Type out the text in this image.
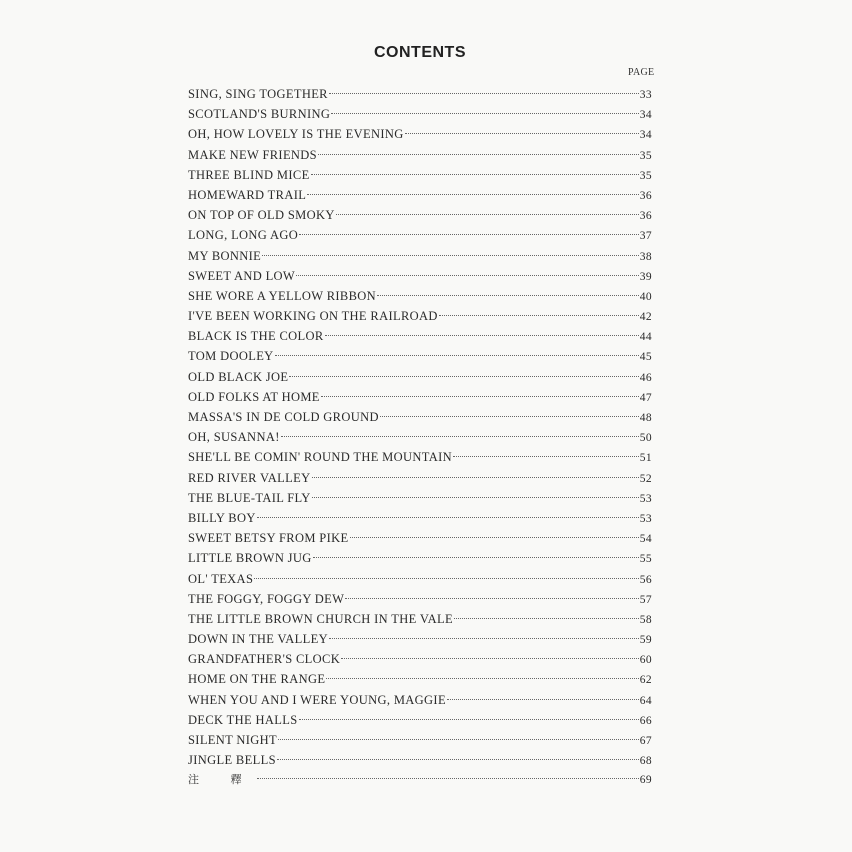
CONTENTS
PAGE
SING, SING TOGETHER	33
SCOTLAND'S BURNING	34
OH, HOW LOVELY IS THE EVENING	34
MAKE NEW FRIENDS	35
THREE BLIND MICE	35
HOMEWARD TRAIL	36
ON TOP OF OLD SMOKY	36
LONG, LONG AGO	37
MY BONNIE	38
SWEET AND LOW	39
SHE WORE A YELLOW RIBBON	40
I'VE BEEN WORKING ON THE RAILROAD	42
BLACK IS THE COLOR	44
TOM DOOLEY	45
OLD BLACK JOE	46
OLD FOLKS AT HOME	47
MASSA'S IN DE COLD GROUND	48
OH, SUSANNA!	50
SHE'LL BE COMIN' ROUND THE MOUNTAIN	51
RED RIVER VALLEY	52
THE BLUE-TAIL FLY	53
BILLY BOY	53
SWEET BETSY FROM PIKE	54
LITTLE BROWN JUG	55
OL' TEXAS	56
THE FOGGY, FOGGY DEW	57
THE LITTLE BROWN CHURCH IN THE VALE	58
DOWN IN THE VALLEY	59
GRANDFATHER'S CLOCK	60
HOME ON THE RANGE	62
WHEN YOU AND I WERE YOUNG, MAGGIE	64
DECK THE HALLS	66
SILENT NIGHT	67
JINGLE BELLS	68
注 釋	69
